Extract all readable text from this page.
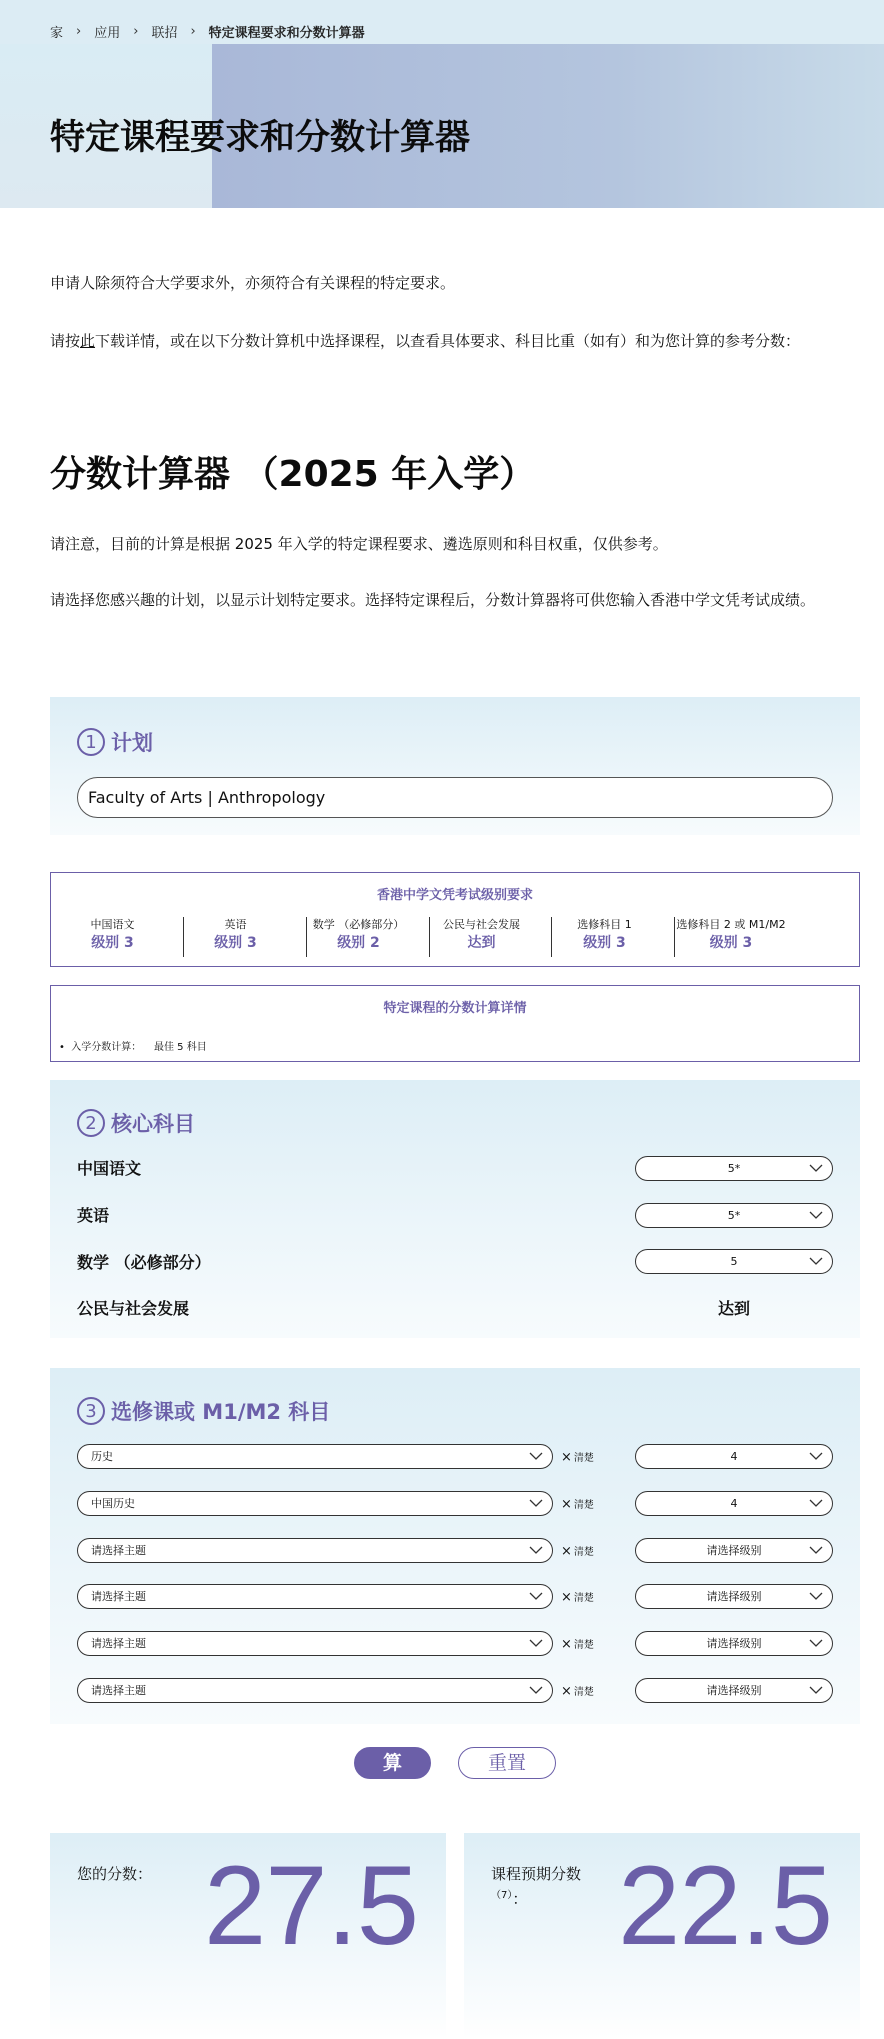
家 › 应用 › 联招 › 特定课程要求和分数计算器
特定课程要求和分数计算器

申请人除须符合大学要求外，亦须符合有关课程的特定要求。

请按此下载详情，或在以下分数计算机中选择课程，以查看具体要求、科目比重（如有）和为您计算的参考分数：

分数计算器 （2025 年入学）

请注意，目前的计算是根据 2025 年入学的特定课程要求、遴选原则和科目权重，仅供参考。

请选择您感兴趣的计划，以显示计划特定要求。选择特定课程后，分数计算器将可供您输入香港中学文凭考试成绩。

1 计划
Faculty of Arts | Anthropology
香港中学文凭考试级别要求
中国语文
级别 3
英语
级别 3
数学 （必修部分）
级别 2
公民与社会发展
达到
选修科目 1
级别 3
选修科目 2 或 M1/M2
级别 3
特定课程的分数计算详情
•  入学分数计算： 最佳 5 科目
2 核心科目
中国语文	5*
英语	5*
数学 （必修部分）	5
公民与社会发展	达到
3 选修课或 M1/M2 科目
历史	× 清楚	4
中国历史	× 清楚	4
请选择主题	× 清楚	请选择级别
请选择主题	× 清楚	请选择级别
请选择主题	× 清楚	请选择级别
请选择主题	× 清楚	请选择级别
算	重置
您的分数： 27.5	课程预期分数
$^{(7)}$： 22.5
